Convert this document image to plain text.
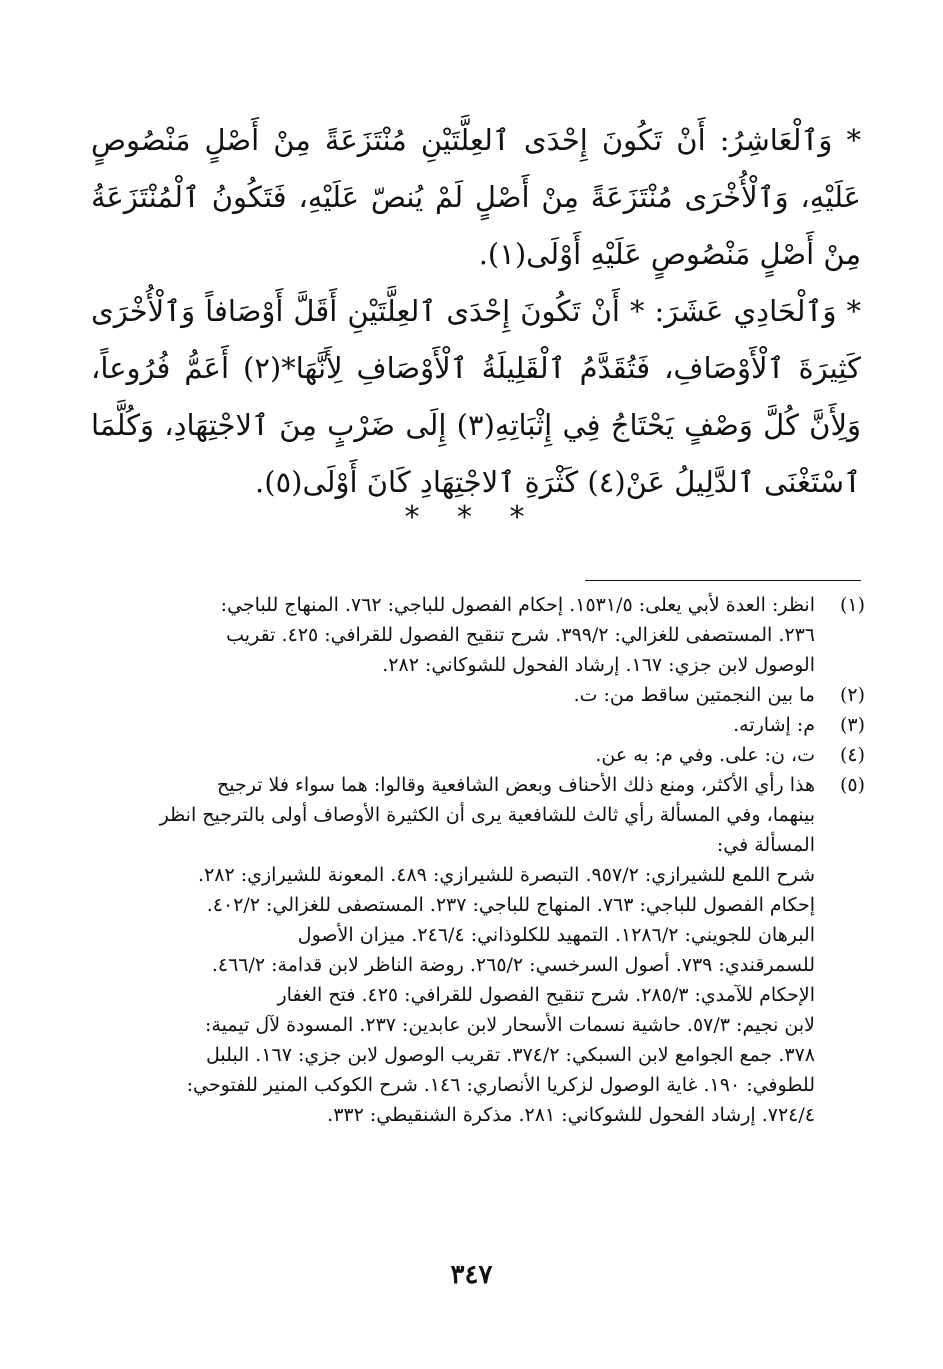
* وَٱلْعَاشِرُ: أَنْ تَكُونَ إِحْدَى ٱلعِلَّتَيْنِ مُنْتَزَعَةً مِنْ أَصْلٍ مَنْصُوصٍ عَلَيْهِ، وَٱلْأُخْرَى مُنْتَزَعَةً مِنْ أَصْلٍ لَمْ يُنصّ عَلَيْهِ، فَتَكُونُ ٱلْمُنْتَزَعَةُ مِنْ أَصْلٍ مَنْصُوصٍ عَلَيْهِ أَوْلَى(١).

* وَٱلْحَادِي عَشَرَ: * أَنْ تَكُونَ إِحْدَى ٱلعِلَّتَيْنِ أَقَلَّ أَوْصَافاً وَٱلْأُخْرَى كَثِيرَةَ ٱلْأَوْصَافِ، فَتُقَدَّمُ ٱلْقَلِيلَةُ ٱلْأَوْصَافِ لِأَنَّهَا*(٢) أَعَمُّ فُرُوعاً، وَلِأَنَّ كُلَّ وَصْفٍ يَحْتَاجُ فِي إِثْبَاتِهِ(٣) إِلَى ضَرْبٍ مِنَ ٱلاجْتِهَادِ، وَكُلَّمَا ٱسْتَغْنَى ٱلدَّلِيلُ عَنْ(٤) كَثْرَةِ ٱلاجْتِهَادِ كَانَ أَوْلَى(٥).

* * *
(١)
انظر: العدة لأبي يعلى: ١٥٣١/٥. إحكام الفصول للباجي: ٧٦٢. المنهاج للباجي:
٢٣٦. المستصفى للغزالي: ٣٩٩/٢. شرح تنقيح الفصول للقرافي: ٤٢٥. تقريب
الوصول لابن جزي: ١٦٧. إرشاد الفحول للشوكاني: ٢٨٢.
(٢)
ما بين النجمتين ساقط من: ت.
(٣)
م: إشارته.
(٤)
ت، ن: على. وفي م: به عن.
(٥)
هذا رأي الأكثر، ومنع ذلك الأحناف وبعض الشافعية وقالوا: هما سواء فلا ترجيح
بينهما، وفي المسألة رأي ثالث للشافعية يرى أن الكثيرة الأوصاف أولى بالترجيح انظر
المسألة في:
شرح اللمع للشيرازي: ٩٥٧/٢. التبصرة للشيرازي: ٤٨٩. المعونة للشيرازي: ٢٨٢.
إحكام الفصول للباجي: ٧٦٣. المنهاج للباجي: ٢٣٧. المستصفى للغزالي: ٤٠٢/٢.
البرهان للجويني: ١٢٨٦/٢. التمهيد للكلوذاني: ٢٤٦/٤. ميزان الأصول
للسمرقندي: ٧٣٩. أصول السرخسي: ٢٦٥/٢. روضة الناظر لابن قدامة: ٤٦٦/٢.
الإحكام للآمدي: ٢٨٥/٣. شرح تنقيح الفصول للقرافي: ٤٢٥. فتح الغفار
لابن نجيم: ٥٧/٣. حاشية نسمات الأسحار لابن عابدين: ٢٣٧. المسودة لآل تيمية:
٣٧٨. جمع الجوامع لابن السبكي: ٣٧٤/٢. تقريب الوصول لابن جزي: ١٦٧. البلبل
للطوفي: ١٩٠. غاية الوصول لزكريا الأنصاري: ١٤٦. شرح الكوكب المنير للفتوحي:
٧٢٤/٤. إرشاد الفحول للشوكاني: ٢٨١. مذكرة الشنقيطي: ٣٣٢.
٣٤٧
